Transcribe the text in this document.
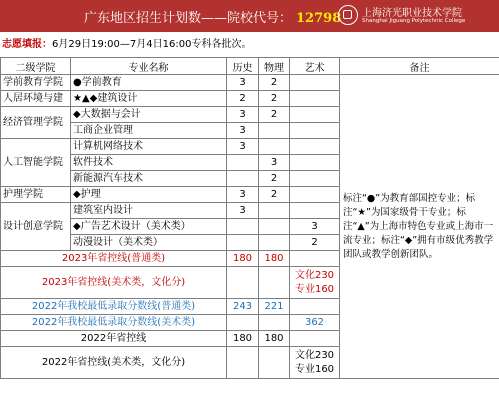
广东地区招生计划数——院校代号： 12798 上海济光职业技术学院
Shanghai Jiguang Polytechnic College
志愿填报：6月29日19:00—7月4日16:00专科各批次。
二级学院	专业名称	历史	物理	艺术	备注
学前教育学院	●学前教育	3	2		标注“●”为教育部国控专业；标注“★”为国家级骨干专业；标注“▲”为上海市特色专业或上海市一流专业；标注“◆”拥有市级优秀教学团队或教学创新团队。
人居环境与建	★▲◆建筑设计	2	2		
经济管理学院	◆大数据与会计	3	2		
	工商企业管理	3			
人工智能学院	计算机网络技术	3			
	软件技术		3		
	新能源汽车技术		2		
护理学院	◆护理	3	2		
设计创意学院	建筑室内设计	3			
	◆广告艺术设计（美术类）			3	
	动漫设计（美术类）			2	
2023年省控线(普通类)		180	180		
2023年省控线(美术类，文化分)				文化230 专业160	
2022年我校最低录取分数线(普通类)		243	221		
2022年我校最低录取分数线(美术类)				362	
2022年省控线		180	180		
2022年省控线(美术类，文化分)				文化230 专业160	
